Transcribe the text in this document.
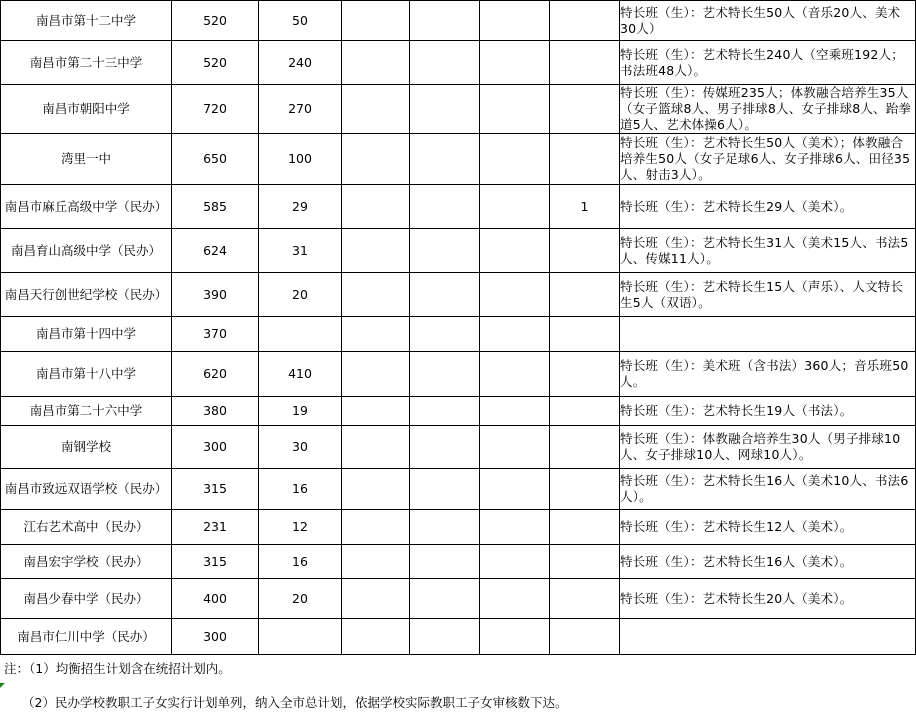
南昌市第十二中学	520	50					特长班（生）：艺术特长生50人（音乐20人、美术30人）
南昌市第二十三中学	520	240					特长班（生）：艺术特长生240人（空乘班192人；书法班48人）。
南昌市朝阳中学	720	270					特长班（生）：传媒班235人；体教融合培养生35人（女子篮球8人、男子排球8人、女子排球8人、跆拳道5人、艺术体操6人）。
湾里一中	650	100					特长班（生）：艺术特长生50人（美术）；体教融合培养生50人（女子足球6人、女子排球6人、田径35人、射击3人）。
南昌市麻丘高级中学（民办）	585	29				1	特长班（生）：艺术特长生29人（美术）。
南昌育山高级中学（民办）	624	31					特长班（生）：艺术特长生31人（美术15人、书法5人、传媒11人）。
南昌天行创世纪学校（民办）	390	20					特长班（生）：艺术特长生15人（声乐）、人文特长生5人（双语）。
南昌市第十四中学	370						
南昌市第十八中学	620	410					特长班（生）：美术班（含书法）360人；音乐班50人。
南昌市第二十六中学	380	19					特长班（生）：艺术特长生19人（书法）。
南钢学校	300	30					特长班（生）：体教融合培养生30人（男子排球10人、女子排球10人、网球10人）。
南昌市致远双语学校（民办）	315	16					特长班（生）：艺术特长生16人（美术10人、书法6人）。
江右艺术高中（民办）	231	12					特长班（生）：艺术特长生12人（美术）。
南昌宏宇学校（民办）	315	16					特长班（生）：艺术特长生16人（美术）。
南昌少春中学（民办）	400	20					特长班（生）：艺术特长生20人（美术）。
南昌市仁川中学（民办）	300						
注：（1）均衡招生计划含在统招计划内。
（2）民办学校教职工子女实行计划单列，纳入全市总计划，依据学校实际教职工子女审核数下达。
